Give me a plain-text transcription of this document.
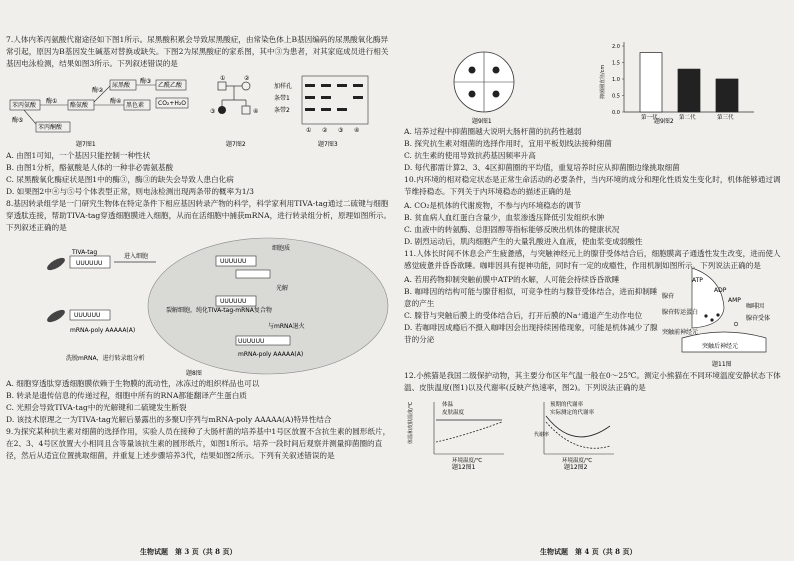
7.人体内苯丙氨酸代谢途径如下图1所示。尿黑酸积累会导致尿黑酸症，由常染色体上B基因编码的尿黑酸氧化酶异常引起，原因为B基因发生碱基对替换或缺失。下图2为尿黑酸症的家系图，其中③为患者，对其家庭成员进行相关基因电泳检测，结果如图3所示。下列叙述错误的是

苯丙氨酸
酶①
酪氨酸
酶②
尿黑酸
酶③
乙酰乙酸
CO₂+H₂O
酶④
黑色素
酶⑤
苯丙酮酸
题7图1
①	②
③	④
题7图2
加样孔
条带1
条带2
① ② ③ ④
题7图3

A. 由图1可知，一个基因只能控制一种性状

B. 由图1分析，酪氨酸是人体的一种非必需氨基酸

C. 尿黑酸氧化酶症状是图1中的酶③，酶③的缺失会导致人患白化病

D. 如果图2中④与⑤号个体表型正常，则电泳检测出现两条带的概率为1/3

8.基因转录组学是一门研究生物体在特定条件下相应基因转录产物的科学，科学家利用TIVA-tag通过二硫键与细胞穿透肽连接，帮助TIVA-tag穿透细胞膜进入细胞，从而在活细胞中捕获mRNA，进行转录组分析，原理如图所示。下列叙述正确的是

细胞质
TIVA-tag
UUUUUU
进入细胞
UUUUUU
光解
UUUUUU
与mRNA退火
UUUUUU
mRNA-poly AAAAA(A)
裂解细胞，纯化TIVA-tag-mRNA复合物
UUUUUU
mRNA-poly AAAAA(A)
洗脱mRNA，进行转录组分析
题8图

A. 细胞穿透肽穿透细胞膜依赖于生物膜的流动性，冰冻过的组织样品也可以

B. 转录是遗传信息的传递过程，细胞中所有的RNA都能翻译产生蛋白质

C. 光照会导致TIVA-tag中的光解键和二硫键发生断裂

D. 该技术原理之一为TIVA-tag光解后暴露出的多聚U序列与mRNA-poly AAAAA(A)特异性结合

9.为探究某种抗生素对细菌的选择作用，实验人员在接种了大肠杆菌的培养基中1号区放置不含抗生素的圆形纸片，在2、3、4号区放置大小相同且含等量该抗生素的圆形纸片，如图1所示。培养一段时间后观察并测量抑菌圈的直径，然后从适宜位置挑取细菌，并重复上述步骤培养3代，结果如图2所示。下列有关叙述错误的是

生物试题　第 3 页（共 8 页）
题9图1
0.0
0.5
1.0
1.5
2.0
抑菌圈直径/cm
第一代	第二代	第三代
题9图2

A. 培养过程中抑菌圈越大说明大肠杆菌的抗药性越弱

B. 探究抗生素对细菌的选择作用时，宜用平板划线法接种细菌

C. 抗生素的使用导致抗药基因频率升高

D. 每代都需计算2、3、4区抑菌圈的平均值，重复培养时应从抑菌圈边缘挑取细菌

10.内环境的相对稳定状态是正常生命活动的必要条件，当内环境的成分和理化性质发生变化时，机体能够通过调节维持稳态。下列关于内环境稳态的描述正确的是

A. CO₂是机体的代谢废物，不参与内环境稳态的调节

B. 贫血病人血红蛋白含量少，血浆渗透压降低引发组织水肿

C. 血液中的转氨酶、总胆固醇等指标能够反映出机体的健康状况

D. 剧烈运动后，肌肉细胞产生的大量乳酸进入血液，使血浆变成弱酸性

11.人体长时间不休息会产生疲惫感，与突触神经元上的腺苷受体结合后，细胞膜离子通透性发生改变，进而使人感觉疲惫并昏昏欲睡。咖啡因具有提神功能，同时有一定的成瘾性，作用机制如图所示。下列说法正确的是

A. 若用药物抑制突触前膜中ATP的水解，人可能会持续昏昏欲睡

B. 咖啡因的结构可能与腺苷相似，可竞争性的与腺苷受体结合，进而抑制睡意的产生

C. 腺苷与突触后膜上的受体结合后，打开后膜的Na⁺通道产生动作电位

D. 若咖啡因成瘾后不摄入咖啡因会出现持续困倦现象，可能是机体减少了腺苷的分泌

ATP
ADP
AMP
腺苷
腺苷转运蛋白
咖啡因
腺苷受体
突触前神经元
突触后神经元
题11图

12.小熊猫是我国二级保护动物，其主要分布区年气温一般在0～25℃。测定小熊猫在不同环境温度安静状态下体温、皮肤温度(图1)以及代谢率(反映产热速率，图2)。下列说法正确的是

体温
皮肤温度
体温和皮肤温度/℃
环境温度/℃
题12图1
预期的代谢率
实际测定的代谢率
代谢率
环境温度/℃
题12图2
生物试题　第 4 页（共 8 页）
